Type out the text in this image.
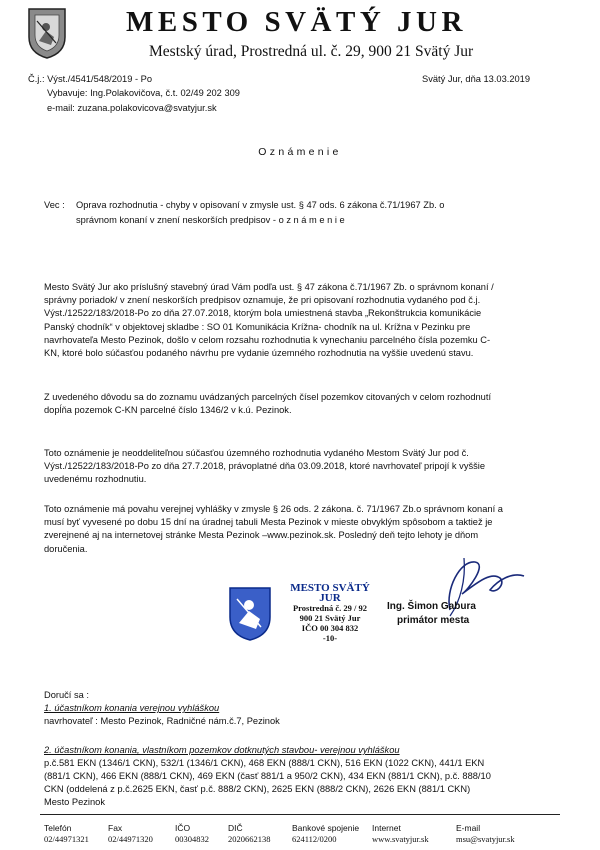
MESTO SVÄTÝ JUR
Mestský úrad, Prostredná ul. č. 29, 900 21 Svätý Jur
Č.j.: Výst./4541/548/2019 - Po	Svätý Jur, dňa 13.03.2019
Vybavuje: Ing.Polakovičova, č.t. 02/49 202 309
e-mail: zuzana.polakovicova@svatyjur.sk
Oznámenie
Vec : Oprava rozhodnutia - chyby v opisovaní v zmysle ust. § 47 ods. 6 zákona č.71/1967 Zb. o
správnom konaní v znení neskorších predpisov - o z n á m e n i e
Mesto Svätý Jur ako príslušný stavebný úrad Vám podľa ust. § 47 zákona č.71/1967 Zb. o správnom konaní /
správny poriadok/ v znení neskorších predpisov oznamuje, že pri opisovaní rozhodnutia vydaného pod č.j.
Výst./12522/183/2018-Po zo dňa 27.07.2018, ktorým bola umiestnená stavba „Rekonštrukcia komunikácie
Panský chodník“ v objektovej skladbe : SO 01 Komunikácia Krížna- chodník na ul. Krížna v Pezinku pre
navrhovateľa Mesto Pezinok, došlo v celom rozsahu rozhodnutia k vynechaniu parcelného čísla pozemku C-
KN, ktoré bolo súčasťou podaného návrhu pre vydanie územného rozhodnutia na vyššie uvedenú stavu.
Z uvedeného dôvodu sa do zoznamu uvádzaných parcelných čísel pozemkov citovaných v celom rozhodnutí
dopĺňa pozemok C-KN parcelné číslo 1346/2 v k.ú. Pezinok.
Toto oznámenie je neoddeliteľnou súčasťou územného rozhodnutia vydaného Mestom Svätý Jur pod č.
Výst./12522/183/2018-Po zo dňa 27.7.2018, právoplatné dňa 03.09.2018, ktoré navrhovateľ pripojí k vyššie
uvedenému rozhodnutiu.
Toto oznámenie má povahu verejnej vyhlášky v zmysle § 26 ods. 2 zákona. č. 71/1967 Zb.o správnom konaní a
musí byť vyvesené po dobu 15 dní na úradnej tabuli Mesta Pezinok v mieste obvyklým spôsobom a taktiež je
zverejnené aj na internetovej stránke Mesta Pezinok –www.pezinok.sk. Posledný deň tejto lehoty je dňom
doručenia.
MESTO SVÄTÝ JUR
Prostredná č. 29 / 92
900 21 Svätý Jur
IČO 00 304 832
-10-
Ing. Šimon Gabura
primátor mesta
Doručí sa :
1. účastníkom konania verejnou vyhláškou
navrhovateľ : Mesto Pezinok, Radničné nám.č.7, Pezinok
2. účastníkom konania, vlastníkom pozemkov dotknutých stavbou- verejnou vyhláškou
p.č.581 EKN (1346/1 CKN), 532/1 (1346/1 CKN), 468 EKN (888/1 CKN), 516 EKN (1022 CKN), 441/1 EKN
(881/1 CKN), 466 EKN (888/1 CKN), 469 EKN (časť 881/1 a 950/2 CKN), 434 EKN (881/1 CKN), p.č. 888/10
CKN (oddelená z p.č.2625 EKN, časť p.č. 888/2 CKN), 2625 EKN (888/2 CKN), 2626 EKN (881/1 CKN)
Mesto Pezinok
Telefón
02/44971321
Fax
02/44971320
IČO
00304832
DIČ
2020662138
Bankové spojenie
624112/0200
Internet
www.svatyjur.sk
E-mail
msu@svatyjur.sk
